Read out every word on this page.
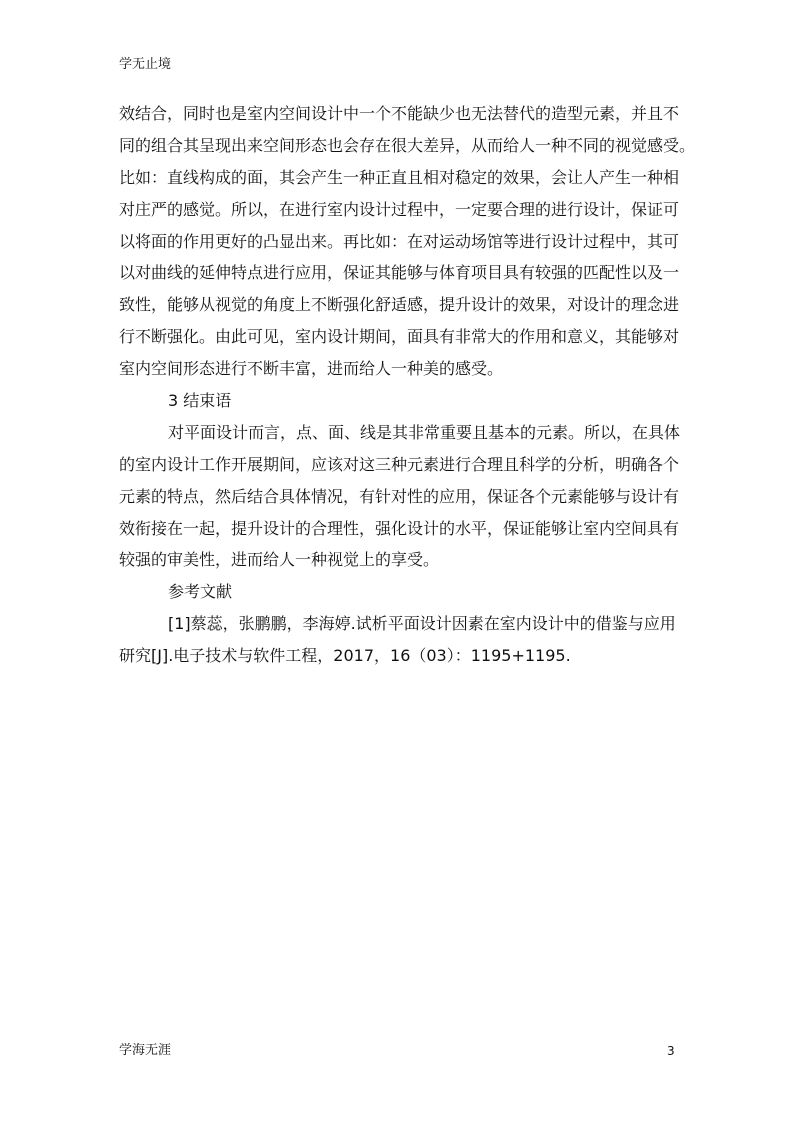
学无止境
效结合，同时也是室内空间设计中一个不能缺少也无法替代的造型元素，并且不
同的组合其呈现出来空间形态也会存在很大差异，从而给人一种不同的视觉感受。
比如：直线构成的面，其会产生一种正直且相对稳定的效果，会让人产生一种相
对庄严的感觉。所以，在进行室内设计过程中，一定要合理的进行设计，保证可
以将面的作用更好的凸显出来。再比如：在对运动场馆等进行设计过程中，其可
以对曲线的延伸特点进行应用，保证其能够与体育项目具有较强的匹配性以及一
致性，能够从视觉的角度上不断强化舒适感，提升设计的效果，对设计的理念进
行不断强化。由此可见，室内设计期间，面具有非常大的作用和意义，其能够对
室内空间形态进行不断丰富，进而给人一种美的感受。
3 结束语
对平面设计而言，点、面、线是其非常重要且基本的元素。所以，在具体
的室内设计工作开展期间，应该对这三种元素进行合理且科学的分析，明确各个
元素的特点，然后结合具体情况，有针对性的应用，保证各个元素能够与设计有
效衔接在一起，提升设计的合理性，强化设计的水平，保证能够让室内空间具有
较强的审美性，进而给人一种视觉上的享受。
参考文献
[1]蔡蕊，张鹏鹏，李海婷.试析平面设计因素在室内设计中的借鉴与应用
研究[J].电子技术与软件工程，2017，16（03）：1195+1195.
学海无涯	3
